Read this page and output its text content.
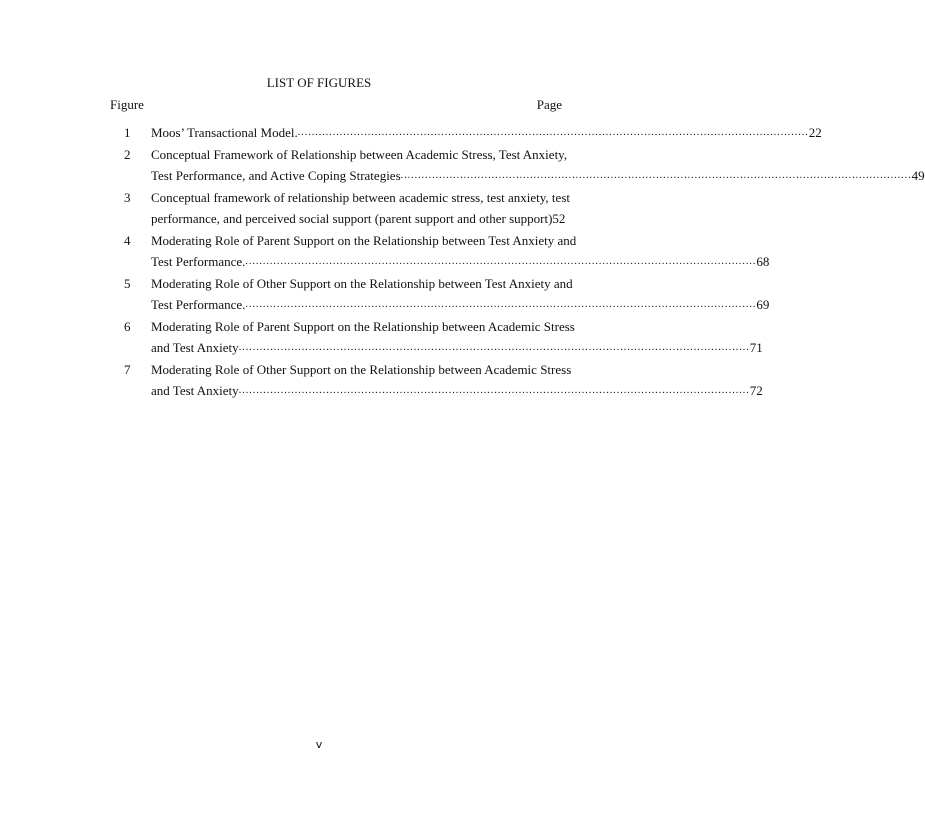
LIST OF FIGURES
Figure	Page
1	Moos’ Transactional Model. .................................................................................................................................................. 22
2	Conceptual Framework of Relationship between Academic Stress, Test Anxiety,
Test Performance, and Active Coping Strategies .................................................................................................................................................. 49
3	Conceptual framework of relationship between academic stress, test anxiety, test
performance, and perceived social support (parent support and other support) 52
4	Moderating Role of Parent Support on the Relationship between Test Anxiety and
Test Performance. .................................................................................................................................................. 68
5	Moderating Role of Other Support on the Relationship between Test Anxiety and
Test Performance. .................................................................................................................................................. 69
6	Moderating Role of Parent Support on the Relationship between Academic Stress
and Test Anxiety .................................................................................................................................................. 71
7	Moderating Role of Other Support on the Relationship between Academic Stress
and Test Anxiety .................................................................................................................................................. 72
v
